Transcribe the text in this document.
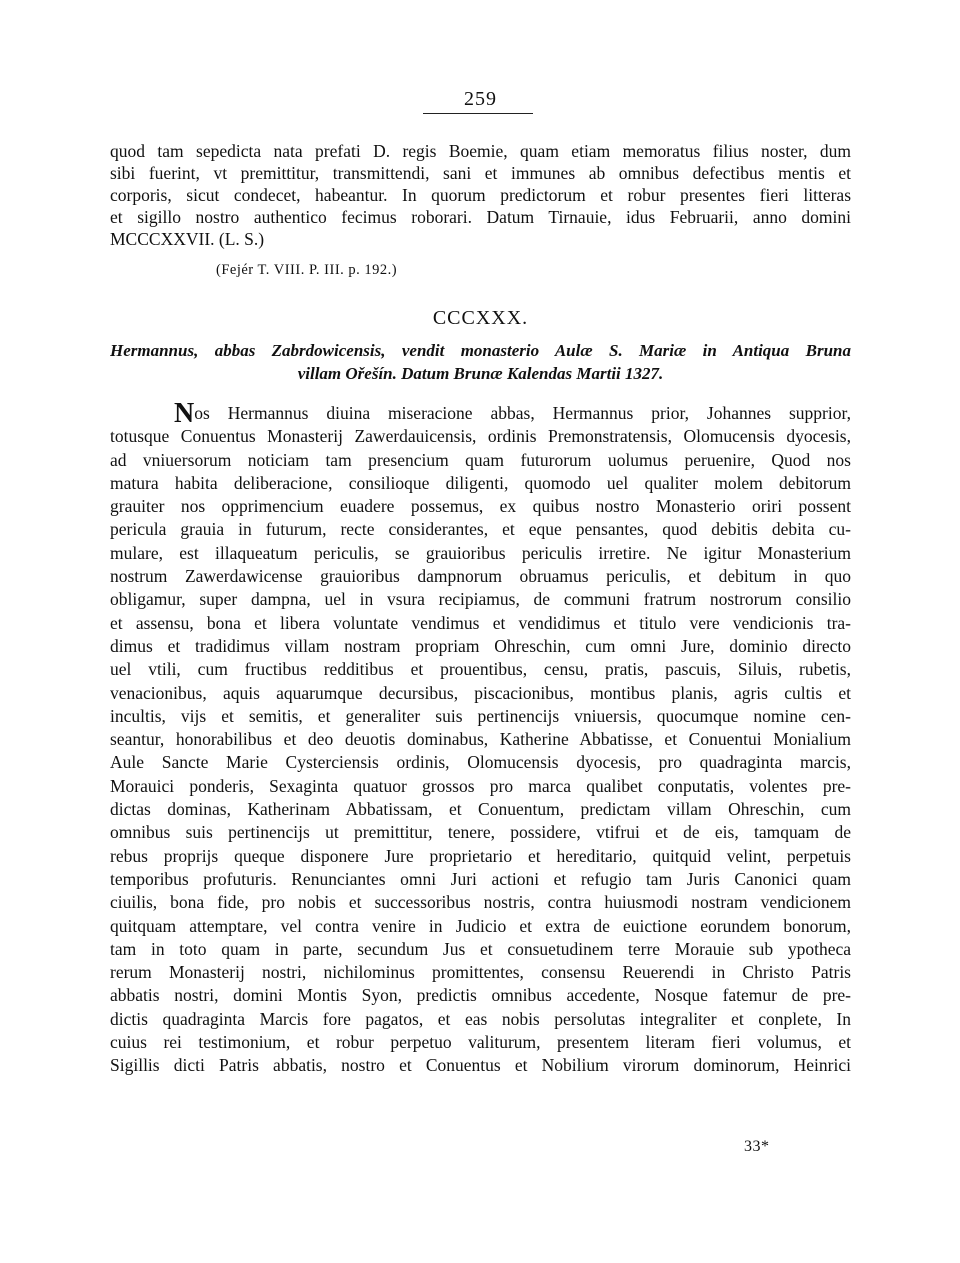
259
quod tam sepedicta nata prefati D. regis Boemie, quam etiam memoratus filius noster, dum
sibi fuerint, vt premittitur, transmittendi, sani et immunes ab omnibus defectibus mentis et
corporis, sicut condecet, habeantur. In quorum predictorum et robur presentes fieri litteras
et sigillo nostro authentico fecimus roborari. Datum Tirnauie, idus Februarii, anno domini
MCCCXXVII. (L. S.)
(Fejér T. VIII. P. III. p. 192.)
CCCXXX.
Hermannus, abbas Zabrdowicensis, vendit monasterio Aulæ S. Mariæ in Antiqua Bruna
villam Ořešín. Datum Brunæ Kalendas Martii 1327.
Nos Hermannus diuina miseracione abbas, Hermannus prior, Johannes supprior,
totusque Conuentus Monasterij Zawerdauicensis, ordinis Premonstratensis, Olomucensis dyocesis,
ad vniuersorum noticiam tam presencium quam futurorum uolumus peruenire, Quod nos
matura habita deliberacione, consilioque diligenti, quomodo uel qualiter molem debitorum
grauiter nos opprimencium euadere possemus, ex quibus nostro Monasterio oriri possent
pericula grauia in futurum, recte considerantes, et eque pensantes, quod debitis debita cu-
mulare, est illaqueatum periculis, se grauioribus periculis irretire. Ne igitur Monasterium
nostrum Zawerdawicense grauioribus dampnorum obruamus periculis, et debitum in quo
obligamur, super dampna, uel in vsura recipiamus, de communi fratrum nostrorum consilio
et assensu, bona et libera voluntate vendimus et vendidimus et titulo vere vendicionis tra-
dimus et tradidimus villam nostram propriam Ohreschin, cum omni Jure, dominio directo
uel vtili, cum fructibus redditibus et prouentibus, censu, pratis, pascuis, Siluis, rubetis,
venacionibus, aquis aquarumque decursibus, piscacionibus, montibus planis, agris cultis et
incultis, vijs et semitis, et generaliter suis pertinencijs vniuersis, quocumque nomine cen-
seantur, honorabilibus et deo deuotis dominabus, Katherine Abbatisse, et Conuentui Monialium
Aule Sancte Marie Cysterciensis ordinis, Olomucensis dyocesis, pro quadraginta marcis,
Morauici ponderis, Sexaginta quatuor grossos pro marca qualibet conputatis, volentes pre-
dictas dominas, Katherinam Abbatissam, et Conuentum, predictam villam Ohreschin, cum
omnibus suis pertinencijs ut premittitur, tenere, possidere, vtifrui et de eis, tamquam de
rebus proprijs queque disponere Jure proprietario et hereditario, quitquid velint, perpetuis
temporibus profuturis. Renunciantes omni Juri actioni et refugio tam Juris Canonici quam
ciuilis, bona fide, pro nobis et successoribus nostris, contra huiusmodi nostram vendicionem
quitquam attemptare, vel contra venire in Judicio et extra de euictione eorundem bonorum,
tam in toto quam in parte, secundum Jus et consuetudinem terre Morauie sub ypotheca
rerum Monasterij nostri, nichilominus promittentes, consensu Reuerendi in Christo Patris
abbatis nostri, domini Montis Syon, predictis omnibus accedente, Nosque fatemur de pre-
dictis quadraginta Marcis fore pagatos, et eas nobis persolutas integraliter et conplete, In
cuius rei testimonium, et robur perpetuo valiturum, presentem literam fieri volumus, et
Sigillis dicti Patris abbatis, nostro et Conuentus et Nobilium virorum dominorum, Heinrici
33*
